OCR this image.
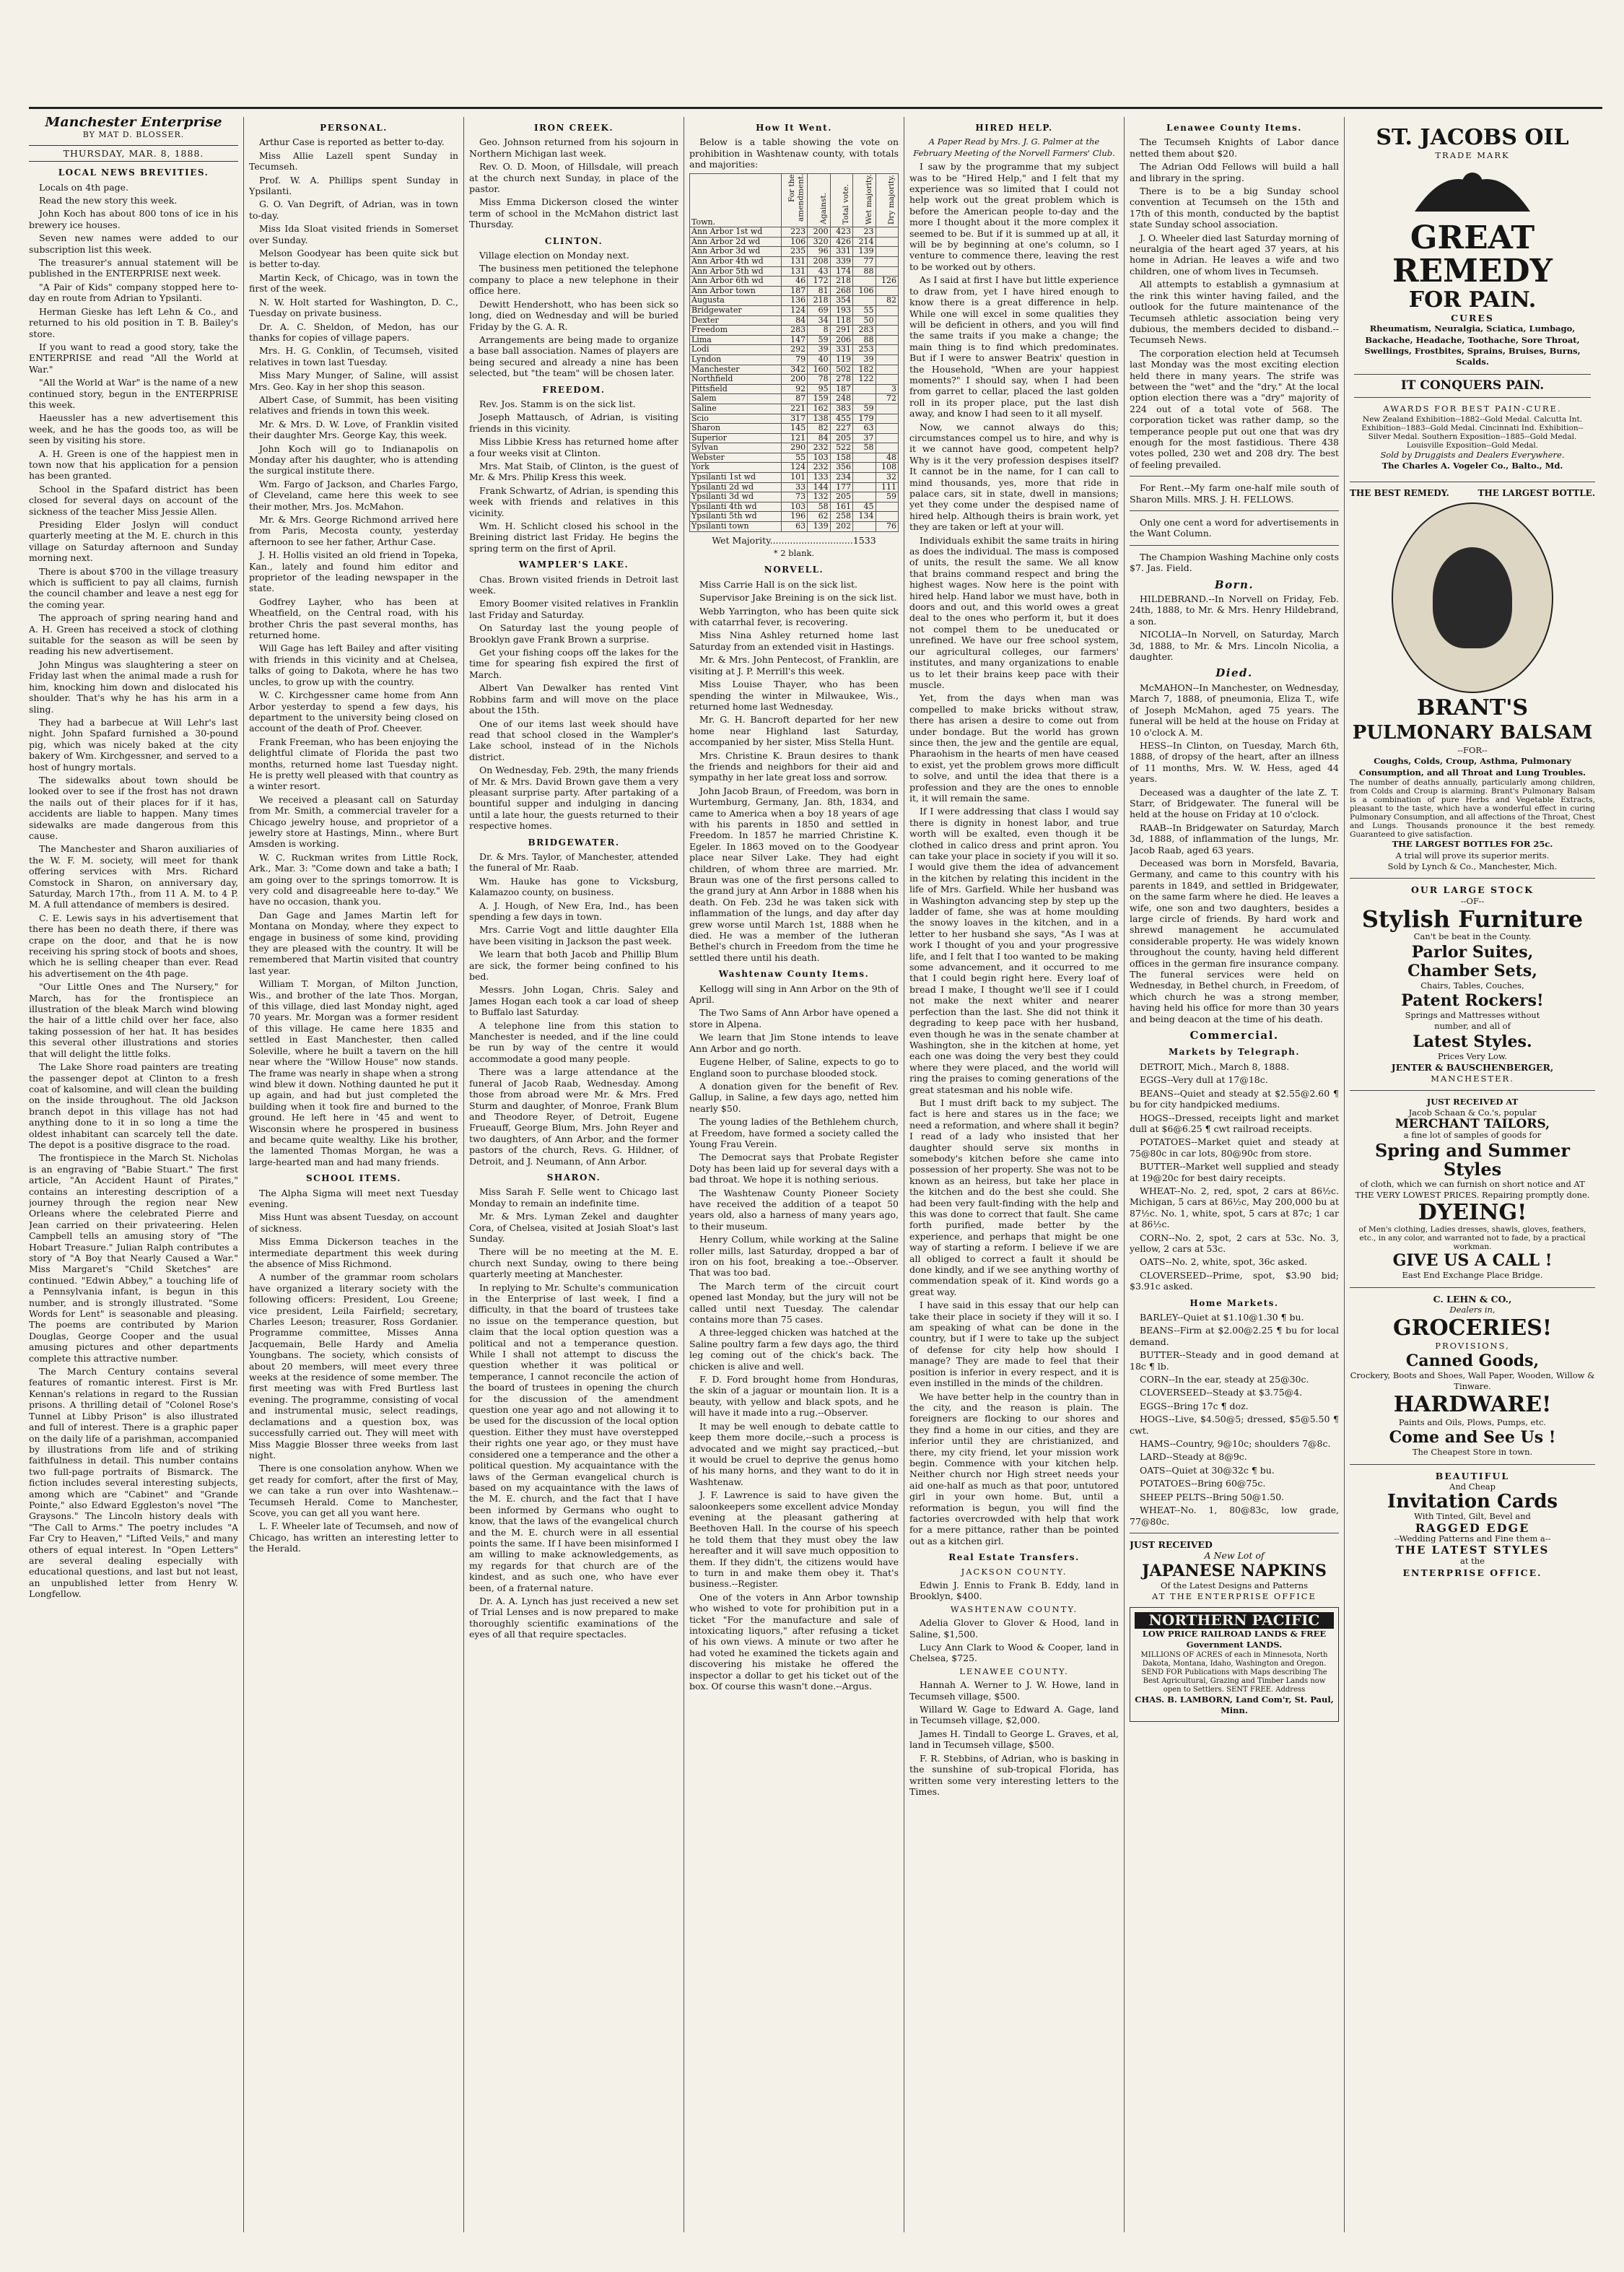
Manchester Enterprise
BY MAT D. BLOSSER.
THURSDAY, MAR. 8, 1888.
LOCAL NEWS BREVITIES.

Locals on 4th page.

Read the new story this week.

John Koch has about 800 tons of ice in his brewery ice houses.

Seven new names were added to our subscription list this week.

The treasurer's annual statement will be published in the ENTERPRISE next week.

"A Pair of Kids" company stopped here to-day en route from Adrian to Ypsilanti.

Herman Gieske has left Lehn & Co., and returned to his old position in T. B. Bailey's store.

If you want to read a good story, take the ENTERPRISE and read "All the World at War."

"All the World at War" is the name of a new continued story, begun in the ENTERPRISE this week.

Haeussler has a new advertisement this week, and he has the goods too, as will be seen by visiting his store.

A. H. Green is one of the happiest men in town now that his application for a pension has been granted.

School in the Spafard district has been closed for several days on account of the sickness of the teacher Miss Jessie Allen.

Presiding Elder Joslyn will conduct quarterly meeting at the M. E. church in this village on Saturday afternoon and Sunday morning next.

There is about $700 in the village treasury which is sufficient to pay all claims, furnish the council chamber and leave a nest egg for the coming year.

The approach of spring nearing hand and A. H. Green has received a stock of clothing suitable for the season as will be seen by reading his new advertisement.

John Mingus was slaughtering a steer on Friday last when the animal made a rush for him, knocking him down and dislocated his shoulder. That's why he has his arm in a sling.

They had a barbecue at Will Lehr's last night. John Spafard furnished a 30-pound pig, which was nicely baked at the city bakery of Wm. Kirchgessner, and served to a host of hungry mortals.

The sidewalks about town should be looked over to see if the frost has not drawn the nails out of their places for if it has, accidents are liable to happen. Many times sidewalks are made dangerous from this cause.

The Manchester and Sharon auxiliaries of the W. F. M. society, will meet for thank offering services with Mrs. Richard Comstock in Sharon, on anniversary day, Saturday, March 17th., from 11 A. M. to 4 P. M. A full attendance of members is desired.

C. E. Lewis says in his advertisement that there has been no death there, if there was crape on the door, and that he is now receiving his spring stock of boots and shoes, which he is selling cheaper than ever. Read his advertisement on the 4th page.

"Our Little Ones and The Nursery," for March, has for the frontispiece an illustration of the bleak March wind blowing the hair of a little child over her face, also taking possession of her hat. It has besides this several other illustrations and stories that will delight the little folks.

The Lake Shore road painters are treating the passenger depot at Clinton to a fresh coat of kalsomine, and will clean the building on the inside throughout. The old Jackson branch depot in this village has not had anything done to it in so long a time the oldest inhabitant can scarcely tell the date. The depot is a positive disgrace to the road.

The frontispiece in the March St. Nicholas is an engraving of "Babie Stuart." The first article, "An Accident Haunt of Pirates," contains an interesting description of a journey through the region near New Orleans where the celebrated Pierre and Jean carried on their privateering. Helen Campbell tells an amusing story of "The Hobart Treasure." Julian Ralph contributes a story of "A Boy that Nearly Caused a War." Miss Margaret's "Child Sketches" are continued. "Edwin Abbey," a touching life of a Pennsylvania infant, is begun in this number, and is strongly illustrated. "Some Words for Lent" is seasonable and pleasing. The poems are contributed by Marion Douglas, George Cooper and the usual amusing pictures and other departments complete this attractive number.

The March Century contains several features of romantic interest. First is Mr. Kennan's relations in regard to the Russian prisons. A thrilling detail of "Colonel Rose's Tunnel at Libby Prison" is also illustrated and full of interest. There is a graphic paper on the daily life of a parishman, accompanied by illustrations from life and of striking faithfulness in detail. This number contains two full-page portraits of Bismarck. The fiction includes several interesting subjects, among which are "Cabinet" and "Grande Pointe," also Edward Eggleston's novel "The Graysons." The Lincoln history deals with "The Call to Arms." The poetry includes "A Far Cry to Heaven," "Lifted Veils," and many others of equal interest. In "Open Letters" are several dealing especially with educational questions, and last but not least, an unpublished letter from Henry W. Longfellow.

PERSONAL.

Arthur Case is reported as better to-day.

Miss Allie Lazell spent Sunday in Tecumseh.

Prof. W. A. Phillips spent Sunday in Ypsilanti.

G. O. Van Degrift, of Adrian, was in town to-day.

Miss Ida Sloat visited friends in Somerset over Sunday.

Melson Goodyear has been quite sick but is better to-day.

Martin Keck, of Chicago, was in town the first of the week.

N. W. Holt started for Washington, D. C., Tuesday on private business.

Dr. A. C. Sheldon, of Medon, has our thanks for copies of village papers.

Mrs. H. G. Conklin, of Tecumseh, visited relatives in town last Tuesday.

Miss Mary Munger, of Saline, will assist Mrs. Geo. Kay in her shop this season.

Albert Case, of Summit, has been visiting relatives and friends in town this week.

Mr. & Mrs. D. W. Love, of Franklin visited their daughter Mrs. George Kay, this week.

John Koch will go to Indianapolis on Monday after his daughter, who is attending the surgical institute there.

Wm. Fargo of Jackson, and Charles Fargo, of Cleveland, came here this week to see their mother, Mrs. Jos. McMahon.

Mr. & Mrs. George Richmond arrived here from Paris, Mecosta county, yesterday afternoon to see her father, Arthur Case.

J. H. Hollis visited an old friend in Topeka, Kan., lately and found him editor and proprietor of the leading newspaper in the state.

Godfrey Layher, who has been at Wheatfield, on the Central road, with his brother Chris the past several months, has returned home.

Will Gage has left Bailey and after visiting with friends in this vicinity and at Chelsea, talks of going to Dakota, where he has two uncles, to grow up with the country.

W. C. Kirchgessner came home from Ann Arbor yesterday to spend a few days, his department to the university being closed on account of the death of Prof. Cheever.

Frank Freeman, who has been enjoying the delightful climate of Florida the past two months, returned home last Tuesday night. He is pretty well pleased with that country as a winter resort.

We received a pleasant call on Saturday from Mr. Smith, a commercial traveler for a Chicago jewelry house, and proprietor of a jewelry store at Hastings, Minn., where Burt Amsden is working.

W. C. Ruckman writes from Little Rock, Ark., Mar. 3: "Come down and take a bath; I am going over to the springs tomorrow. It is very cold and disagreeable here to-day." We have no occasion, thank you.

Dan Gage and James Martin left for Montana on Monday, where they expect to engage in business of some kind, providing they are pleased with the country. It will be remembered that Martin visited that country last year.

William T. Morgan, of Milton Junction, Wis., and brother of the late Thos. Morgan, of this village, died last Monday night, aged 70 years. Mr. Morgan was a former resident of this village. He came here 1835 and settled in East Manchester, then called Soleville, where he built a tavern on the hill near where the "Willow House" now stands. The frame was nearly in shape when a strong wind blew it down. Nothing daunted he put it up again, and had but just completed the building when it took fire and burned to the ground. He left here in '45 and went to Wisconsin where he prospered in business and became quite wealthy. Like his brother, the lamented Thomas Morgan, he was a large-hearted man and had many friends.

SCHOOL ITEMS.

The Alpha Sigma will meet next Tuesday evening.

Miss Hunt was absent Tuesday, on account of sickness.

Miss Emma Dickerson teaches in the intermediate department this week during the absence of Miss Richmond.

A number of the grammar room scholars have organized a literary society with the following officers: President, Lou Greene; vice president, Leila Fairfield; secretary, Charles Leeson; treasurer, Ross Gordanier. Programme committee, Misses Anna Jacquemain, Belle Hardy and Amelia Youngbans. The society, which consists of about 20 members, will meet every three weeks at the residence of some member. The first meeting was with Fred Burtless last evening. The programme, consisting of vocal and instrumental music, select readings, declamations and a question box, was successfully carried out. They will meet with Miss Maggie Blosser three weeks from last night.

There is one consolation anyhow. When we get ready for comfort, after the first of May, we can take a run over into Washtenaw.--Tecumseh Herald. Come to Manchester, Scove, you can get all you want here.

L. F. Wheeler late of Tecumseh, and now of Chicago, has written an interesting letter to the Herald.

IRON CREEK.

Geo. Johnson returned from his sojourn in Northern Michigan last week.

Rev. O. D. Moon, of Hillsdale, will preach at the church next Sunday, in place of the pastor.

Miss Emma Dickerson closed the winter term of school in the McMahon district last Thursday.

CLINTON.

Village election on Monday next.

The business men petitioned the telephone company to place a new telephone in their office here.

Dewitt Hendershott, who has been sick so long, died on Wednesday and will be buried Friday by the G. A. R.

Arrangements are being made to organize a base ball association. Names of players are being secured and already a nine has been selected, but "the team" will be chosen later.

FREEDOM.

Rev. Jos. Stamm is on the sick list.

Joseph Mattausch, of Adrian, is visiting friends in this vicinity.

Miss Libbie Kress has returned home after a four weeks visit at Clinton.

Mrs. Mat Staib, of Clinton, is the guest of Mr. & Mrs. Philip Kress this week.

Frank Schwartz, of Adrian, is spending this week with friends and relatives in this vicinity.

Wm. H. Schlicht closed his school in the Breining district last Friday. He begins the spring term on the first of April.

WAMPLER'S LAKE.

Chas. Brown visited friends in Detroit last week.

Emory Boomer visited relatives in Franklin last Friday and Saturday.

On Saturday last the young people of Brooklyn gave Frank Brown a surprise.

Get your fishing coops off the lakes for the time for spearing fish expired the first of March.

Albert Van Dewalker has rented Vint Robbins farm and will move on the place about the 15th.

One of our items last week should have read that school closed in the Wampler's Lake school, instead of in the Nichols district.

On Wednesday, Feb. 29th, the many friends of Mr. & Mrs. David Brown gave them a very pleasant surprise party. After partaking of a bountiful supper and indulging in dancing until a late hour, the guests returned to their respective homes.

BRIDGEWATER.

Dr. & Mrs. Taylor, of Manchester, attended the funeral of Mr. Raab.

Wm. Hauke has gone to Vicksburg, Kalamazoo county, on business.

A. J. Hough, of New Era, Ind., has been spending a few days in town.

Mrs. Carrie Vogt and little daughter Ella have been visiting in Jackson the past week.

We learn that both Jacob and Phillip Blum are sick, the former being confined to his bed.

Messrs. John Logan, Chris. Saley and James Hogan each took a car load of sheep to Buffalo last Saturday.

A telephone line from this station to Manchester is needed, and if the line could be run by way of the centre it would accommodate a good many people.

There was a large attendance at the funeral of Jacob Raab, Wednesday. Among those from abroad were Mr. & Mrs. Fred Sturm and daughter, of Monroe, Frank Blum and Theodore Reyer, of Detroit, Eugene Frueauff, George Blum, Mrs. John Reyer and two daughters, of Ann Arbor, and the former pastors of the church, Revs. G. Hildner, of Detroit, and J. Neumann, of Ann Arbor.

SHARON.

Miss Sarah F. Selle went to Chicago last Monday to remain an indefinite time.

Mr. & Mrs. Lyman Zekel and daughter Cora, of Chelsea, visited at Josiah Sloat's last Sunday.

There will be no meeting at the M. E. church next Sunday, owing to there being quarterly meeting at Manchester.

In replying to Mr. Schulte's communication in the Enterprise of last week, I find a difficulty, in that the board of trustees take no issue on the temperance question, but claim that the local option question was a political and not a temperance question. While I shall not attempt to discuss the question whether it was political or temperance, I cannot reconcile the action of the board of trustees in opening the church for the discussion of the amendment question one year ago and not allowing it to be used for the discussion of the local option question. Either they must have overstepped their rights one year ago, or they must have considered one a temperance and the other a political question. My acquaintance with the laws of the German evangelical church is based on my acquaintance with the laws of the M. E. church, and the fact that I have been informed by Germans who ought to know, that the laws of the evangelical church and the M. E. church were in all essential points the same. If I have been misinformed I am willing to make acknowledgements, as my regards for that church are of the kindest, and as such one, who have ever been, of a fraternal nature.

Dr. A. A. Lynch has just received a new set of Trial Lenses and is now prepared to make thoroughly scientific examinations of the eyes of all that require spectacles.

How It Went.

Below is a table showing the vote on prohibition in Washtenaw county, with totals and majorities:

Town.	For the amendment.	Against.	Total vote.	Wet majority.	Dry majority.
Ann Arbor 1st wd	223	200	423	23	
Ann Arbor 2d wd	106	320	426	214	
Ann Arbor 3d wd	235	96	331	139	
Ann Arbor 4th wd	131	208	339	77	
Ann Arbor 5th wd	131	43	174	88	
Ann Arbor 6th wd	46	172	218		126
Ann Arbor town	187	81	268	106	
Augusta	136	218	354		82
Bridgewater	124	69	193	55	
Dexter	84	34	118	50	
Freedom	283	8	291	283	
Lima	147	59	206	88	
Lodi	292	39	331	253	
Lyndon	79	40	119	39	
Manchester	342	160	502	182	
Northfield	200	78	278	122	
Pittsfield	92	95	187		3
Salem	87	159	248		72
Saline	221	162	383	59	
Scio	317	138	455	179	
Sharon	145	82	227	63	
Superior	121	84	205	37	
Sylvan	290	232	522	58	
Webster	55	103	158		48
York	124	232	356		108
Ypsilanti 1st wd	101	133	234		32
Ypsilanti 2d wd	33	144	177		111
Ypsilanti 3d wd	73	132	205		59
Ypsilanti 4th wd	103	58	161	45	
Ypsilanti 5th wd	196	62	258	134	
Ypsilanti town	63	139	202		76

Wet Majority.............................1533

* 2 blank.

NORVELL.

Miss Carrie Hall is on the sick list.

Supervisor Jake Breining is on the sick list.

Webb Yarrington, who has been quite sick with catarrhal fever, is recovering.

Miss Nina Ashley returned home last Saturday from an extended visit in Hastings.

Mr. & Mrs. John Pentecost, of Franklin, are visiting at J. P. Merrill's this week.

Miss Louise Thayer, who has been spending the winter in Milwaukee, Wis., returned home last Wednesday.

Mr. G. H. Bancroft departed for her new home near Highland last Saturday, accompanied by her sister, Miss Stella Hunt.

Mrs. Christine K. Braun desires to thank the friends and neighbors for their aid and sympathy in her late great loss and sorrow.

John Jacob Braun, of Freedom, was born in Wurtemburg, Germany, Jan. 8th, 1834, and came to America when a boy 18 years of age with his parents in 1850 and settled in Freedom. In 1857 he married Christine K. Egeler. In 1863 moved on to the Goodyear place near Silver Lake. They had eight children, of whom three are married. Mr. Braun was one of the first persons called to the grand jury at Ann Arbor in 1888 when his death. On Feb. 23d he was taken sick with inflammation of the lungs, and day after day grew worse until March 1st, 1888 when he died. He was a member of the lutheran Bethel's church in Freedom from the time he settled there until his death.

Washtenaw County Items.

Kellogg will sing in Ann Arbor on the 9th of April.

The Two Sams of Ann Arbor have opened a store in Alpena.

We learn that Jim Stone intends to leave Ann Arbor and go north.

Eugene Helber, of Saline, expects to go to England soon to purchase blooded stock.

A donation given for the benefit of Rev. Gallup, in Saline, a few days ago, netted him nearly $50.

The young ladies of the Bethlehem church, at Freedom, have formed a society called the Young Frau Verein.

The Democrat says that Probate Register Doty has been laid up for several days with a bad throat. We hope it is nothing serious.

The Washtenaw County Pioneer Society have received the addition of a teapot 50 years old, also a harness of many years ago, to their museum.

Henry Collum, while working at the Saline roller mills, last Saturday, dropped a bar of iron on his foot, breaking a toe.--Observer. That was too bad.

The March term of the circuit court opened last Monday, but the jury will not be called until next Tuesday. The calendar contains more than 75 cases.

A three-legged chicken was hatched at the Saline poultry farm a few days ago, the third leg coming out of the chick's back. The chicken is alive and well.

F. D. Ford brought home from Honduras, the skin of a jaguar or mountain lion. It is a beauty, with yellow and black spots, and he will have it made into a rug.--Observer.

It may be well enough to debate cattle to keep them more docile,--such a process is advocated and we might say practiced,--but it would be cruel to deprive the genus homo of his many horns, and they want to do it in Washtenaw.

J. F. Lawrence is said to have given the saloonkeepers some excellent advice Monday evening at the pleasant gathering at Beethoven Hall. In the course of his speech he told them that they must obey the law hereafter and it will save much opposition to them. If they didn't, the citizens would have to turn in and make them obey it. That's business.--Register.

One of the voters in Ann Arbor township who wished to vote for prohibition put in a ticket "For the manufacture and sale of intoxicating liquors," after refusing a ticket of his own views. A minute or two after he had voted he examined the tickets again and discovering his mistake he offered the inspector a dollar to get his ticket out of the box. Of course this wasn't done.--Argus.

HIRED HELP.

A Paper Read by Mrs. J. G. Palmer at the February Meeting of the Norvell Farmers' Club.

I saw by the programme that my subject was to be "Hired Help," and I felt that my experience was so limited that I could not help work out the great problem which is before the American people to-day and the more I thought about it the more complex it seemed to be. But if it is summed up at all, it will be by beginning at one's column, so I venture to commence there, leaving the rest to be worked out by others.

As I said at first I have but little experience to draw from, yet I have hired enough to know there is a great difference in help. While one will excel in some qualities they will be deficient in others, and you will find the same traits if you make a change; the main thing is to find which predominates. But if I were to answer Beatrix' question in the Household, "When are your happiest moments?" I should say, when I had been from garret to cellar, placed the last golden roll in its proper place, put the last dish away, and know I had seen to it all myself.

Now, we cannot always do this; circumstances compel us to hire, and why is it we cannot have good, competent help? Why is it the very profession despises itself? It cannot be in the name, for I can call to mind thousands, yes, more that ride in palace cars, sit in state, dwell in mansions; yet they come under the despised name of hired help. Although theirs is brain work, yet they are taken or left at your will.

Individuals exhibit the same traits in hiring as does the individual. The mass is composed of units, the result the same. We all know that brains command respect and bring the highest wages. Now here is the point with hired help. Hand labor we must have, both in doors and out, and this world owes a great deal to the ones who perform it, but it does not compel them to be uneducated or unrefined. We have our free school system, our agricultural colleges, our farmers' institutes, and many organizations to enable us to let their brains keep pace with their muscle.

Yet, from the days when man was compelled to make bricks without straw, there has arisen a desire to come out from under bondage. But the world has grown since then, the jew and the gentile are equal, Pharaohism in the hearts of men have ceased to exist, yet the problem grows more difficult to solve, and until the idea that there is a profession and they are the ones to ennoble it, it will remain the same.

If I were addressing that class I would say there is dignity in honest labor, and true worth will be exalted, even though it be clothed in calico dress and print apron. You can take your place in society if you will it so. I would give them the idea of advancement in the kitchen by relating this incident in the life of Mrs. Garfield. While her husband was in Washington advancing step by step up the ladder of fame, she was at home moulding the snowy loaves in the kitchen, and in a letter to her husband she says, "As I was at work I thought of you and your progressive life, and I felt that I too wanted to be making some advancement, and it occurred to me that I could begin right here. Every loaf of bread I make, I thought we'll see if I could not make the next whiter and nearer perfection than the last. She did not think it degrading to keep pace with her husband, even though he was in the senate chamber at Washington, she in the kitchen at home, yet each one was doing the very best they could where they were placed, and the world will ring the praises to coming generations of the great statesman and his noble wife.

But I must drift back to my subject. The fact is here and stares us in the face; we need a reformation, and where shall it begin? I read of a lady who insisted that her daughter should serve six months in somebody's kitchen before she came into possession of her property. She was not to be known as an heiress, but take her place in the kitchen and do the best she could. She had been very fault-finding with the help and this was done to correct that fault. She came forth purified, made better by the experience, and perhaps that might be one way of starting a reform. I believe if we are all obliged to correct a fault it should be done kindly, and if we see anything worthy of commendation speak of it. Kind words go a great way.

I have said in this essay that our help can take their place in society if they will it so. I am speaking of what can be done in the country, but if I were to take up the subject of defense for city help how should I manage? They are made to feel that their position is inferior in every respect, and it is even instilled in the minds of the children.

We have better help in the country than in the city, and the reason is plain. The foreigners are flocking to our shores and they find a home in our cities, and they are inferior until they are christianized, and there, my city friend, let your mission work begin. Commence with your kitchen help. Neither church nor High street needs your aid one-half as much as that poor, untutored girl in your own home. But, until a reformation is begun, you will find the factories overcrowded with help that work for a mere pittance, rather than be pointed out as a kitchen girl.

Real Estate Transfers.

JACKSON COUNTY.

Edwin J. Ennis to Frank B. Eddy, land in Brooklyn, $400.

WASHTENAW COUNTY.

Adelia Glover to Glover & Hood, land in Saline, $1,500.

Lucy Ann Clark to Wood & Cooper, land in Chelsea, $725.

LENAWEE COUNTY.

Hannah A. Werner to J. W. Howe, land in Tecumseh village, $500.

Willard W. Gage to Edward A. Gage, land in Tecumseh village, $2,000.

James H. Tindall to George L. Graves, et al, land in Tecumseh village, $500.

F. R. Stebbins, of Adrian, who is basking in the sunshine of sub-tropical Florida, has written some very interesting letters to the Times.

Lenawee County Items.

The Tecumseh Knights of Labor dance netted them about $20.

The Adrian Odd Fellows will build a hall and library in the spring.

There is to be a big Sunday school convention at Tecumseh on the 15th and 17th of this month, conducted by the baptist state Sunday school association.

J. O. Wheeler died last Saturday morning of neuralgia of the heart aged 37 years, at his home in Adrian. He leaves a wife and two children, one of whom lives in Tecumseh.

All attempts to establish a gymnasium at the rink this winter having failed, and the outlook for the future maintenance of the Tecumseh athletic association being very dubious, the members decided to disband.--Tecumseh News.

The corporation election held at Tecumseh last Monday was the most exciting election held there in many years. The strife was between the "wet" and the "dry." At the local option election there was a "dry" majority of 224 out of a total vote of 568. The corporation ticket was rather damp, so the temperance people put out one that was dry enough for the most fastidious. There 438 votes polled, 230 wet and 208 dry. The best of feeling prevailed.

For Rent.--My farm one-half mile south of Sharon Mills. MRS. J. H. FELLOWS.

Only one cent a word for advertisements in the Want Column.

The Champion Washing Machine only costs $7. Jas. Field.

Born.

HILDEBRAND.--In Norvell on Friday, Feb. 24th, 1888, to Mr. & Mrs. Henry Hildebrand, a son.

NICOLIA--In Norvell, on Saturday, March 3d, 1888, to Mr. & Mrs. Lincoln Nicolia, a daughter.

Died.

McMAHON--In Manchester, on Wednesday, March 7, 1888, of pneumonia, Eliza T., wife of Joseph McMahon, aged 75 years. The funeral will be held at the house on Friday at 10 o'clock A. M.

HESS--In Clinton, on Tuesday, March 6th, 1888, of dropsy of the heart, after an illness of 11 months, Mrs. W. W. Hess, aged 44 years.

Deceased was a daughter of the late Z. T. Starr, of Bridgewater. The funeral will be held at the house on Friday at 10 o'clock.

RAAB--In Bridgewater on Saturday, March 3d, 1888, of inflammation of the lungs, Mr. Jacob Raab, aged 63 years.

Deceased was born in Morsfeld, Bavaria, Germany, and came to this country with his parents in 1849, and settled in Bridgewater, on the same farm where he died. He leaves a wife, one son and two daughters, besides a large circle of friends. By hard work and shrewd management he accumulated considerable property. He was widely known throughout the county, having held different offices in the german fire insurance company. The funeral services were held on Wednesday, in Bethel church, in Freedom, of which church he was a strong member, having held his office for more than 30 years and being deacon at the time of his death.

Commercial.
Markets by Telegraph.

DETROIT, Mich., March 8, 1888.

EGGS--Very dull at 17@18c.

BEANS--Quiet and steady at $2.55@2.60 ¶ bu for city handpicked mediums.

HOGS--Dressed, receipts light and market dull at $6@6.25 ¶ cwt railroad receipts.

POTATOES--Market quiet and steady at 75@80c in car lots, 80@90c from store.

BUTTER--Market well supplied and steady at 19@20c for best dairy receipts.

WHEAT--No. 2, red, spot, 2 cars at 86½c. Michigan, 5 cars at 86½c, May 200,000 bu at 87½c. No. 1, white, spot, 5 cars at 87c; 1 car at 86½c.

CORN--No. 2, spot, 2 cars at 53c. No. 3, yellow, 2 cars at 53c.

OATS--No. 2, white, spot, 36c asked.

CLOVERSEED--Prime, spot, $3.90 bid; $3.91c asked.

Home Markets.

BARLEY--Quiet at $1.10@1.30 ¶ bu.

BEANS--Firm at $2.00@2.25 ¶ bu for local demand.

BUTTER--Steady and in good demand at 18c ¶ lb.

CORN--In the ear, steady at 25@30c.

CLOVERSEED--Steady at $3.75@4.

EGGS--Bring 17c ¶ doz.

HOGS--Live, $4.50@5; dressed, $5@5.50 ¶ cwt.

HAMS--Country, 9@10c; shoulders 7@8c.

LARD--Steady at 8@9c.

OATS--Quiet at 30@32c ¶ bu.

POTATOES--Bring 60@75c.

SHEEP PELTS--Bring 50@1.50.

WHEAT--No. 1, 80@83c, low grade, 77@80c.

JUST RECEIVED
A New Lot of
JAPANESE NAPKINS
Of the Latest Designs and Patterns
AT THE ENTERPRISE OFFICE
NORTHERN PACIFIC
LOW PRICE RAILROAD LANDS & FREE Government LANDS.
MILLIONS OF ACRES of each in Minnesota, North Dakota, Montana, Idaho, Washington and Oregon. SEND FOR Publications with Maps describing The Best Agricultural, Grazing and Timber Lands now open to Settlers. SENT FREE. Address
CHAS. B. LAMBORN, Land Com'r, St. Paul, Minn.
ST. JACOBS OIL
TRADE MARK
GREAT REMEDY
FOR PAIN.
CURES
Rheumatism, Neuralgia, Sciatica, Lumbago, Backache, Headache, Toothache, Sore Throat, Swellings, Frostbites, Sprains, Bruises, Burns, Scalds.
IT CONQUERS PAIN.
AWARDS FOR BEST PAIN-CURE.
New Zealand Exhibition--1882--Gold Medal. Calcutta Int. Exhibition--1883--Gold Medal. Cincinnati Ind. Exhibition--Silver Medal. Southern Exposition--1885--Gold Medal. Louisville Exposition--Gold Medal.
Sold by Druggists and Dealers Everywhere.
The Charles A. Vogeler Co., Balto., Md.
THE BEST REMEDY.	THE LARGEST BOTTLE.
BRANT'S
PULMONARY BALSAM
--FOR--
Coughs, Colds, Croup, Asthma, Pulmonary Consumption, and all Throat and Lung Troubles.
The number of deaths annually, particularly among children, from Colds and Croup is alarming. Brant's Pulmonary Balsam is a combination of pure Herbs and Vegetable Extracts, pleasant to the taste, which have a wonderful effect in curing Pulmonary Consumption, and all affections of the Throat, Chest and Lungs. Thousands pronounce it the best remedy. Guaranteed to give satisfaction.
THE LARGEST BOTTLES FOR 25c.
A trial will prove its superior merits.
Sold by Lynch & Co., Manchester, Mich.
OUR LARGE STOCK
--OF--
Stylish Furniture
Can't be beat in the County.
Parlor Suites,
Chamber Sets,
Chairs, Tables, Couches,
Patent Rockers!
Springs and Mattresses without
number, and all of
Latest Styles.
Prices Very Low.
JENTER & BAUSCHENBERGER,
MANCHESTER.
JUST RECEIVED AT
Jacob Schaan & Co.'s, popular
MERCHANT TAILORS,
a fine lot of samples of goods for
Spring and Summer Styles
of cloth, which we can furnish on short notice and AT THE VERY LOWEST PRICES. Repairing promptly done.
DYEING!
of Men's clothing, Ladies dresses, shawls, gloves, feathers, etc., in any color, and warranted not to fade, by a practical workman.
GIVE US A CALL !
East End Exchange Place Bridge.
C. LEHN & CO.,
Dealers in,
GROCERIES!
PROVISIONS,
Canned Goods,
Crockery, Boots and Shoes, Wall Paper, Wooden, Willow & Tinware.
HARDWARE!
Paints and Oils, Plows, Pumps, etc.
Come and See Us !
The Cheapest Store in town.
BEAUTIFUL
And Cheap
Invitation Cards
With Tinted, Gilt, Bevel and
RAGGED EDGE
--Wedding Patterns and Fine them a--
THE LATEST STYLES
at the
ENTERPRISE OFFICE.
